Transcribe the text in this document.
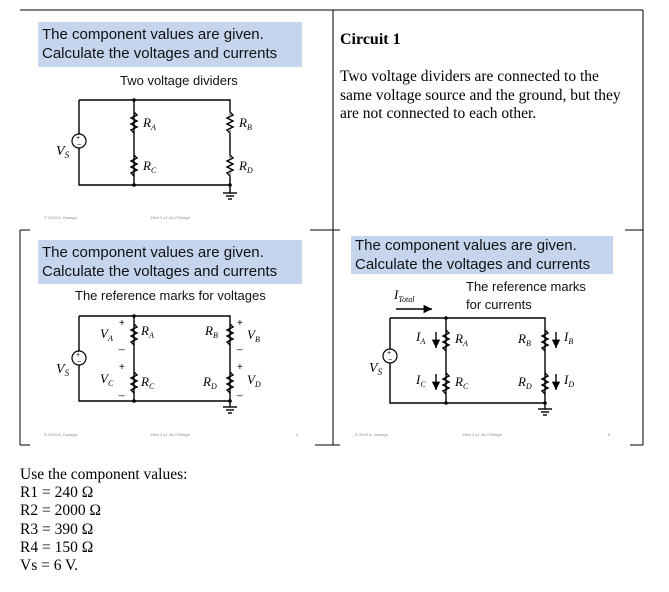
The component values are given.
Calculate the voltages and currents
Two voltage dividers
+
−
$V_S$
$R_A$
$R_C$
$R_B$
$R_D$
© 2019 A. Ganago	19b4 2 s7 3A-2 Bridge
Circuit 1
Two voltage dividers are connected to the
same voltage source and the ground, but they
are not connected to each other.
The component values are given.
Calculate the voltages and currents
The reference marks for voltages
+
−
$V_S$
+
$V_A$
_
$R_A$
+
$V_C$
_
$R_C$
$R_B$
+
$V_B$
_
$R_D$
+
$V_D$
_
© 2019 A. Ganago	19b4 2 s7 3A-2 Bridge	4
The component values are given.
Calculate the voltages and currents
The reference marks
for currents
$I_{Total}$
+
−
$V_S$
$I_A$ $R_A$
$I_C$ $R_C$
$R_B$	$I_B$
$R_D$ $I_D$
© 2019 A. Ganago	19b4 2 s7 3A-2 Bridge	5
Use the component values:
R1 = 240 Ω
R2 = 2000 Ω
R3 = 390 Ω
R4 = 150 Ω
Vs = 6 V.
